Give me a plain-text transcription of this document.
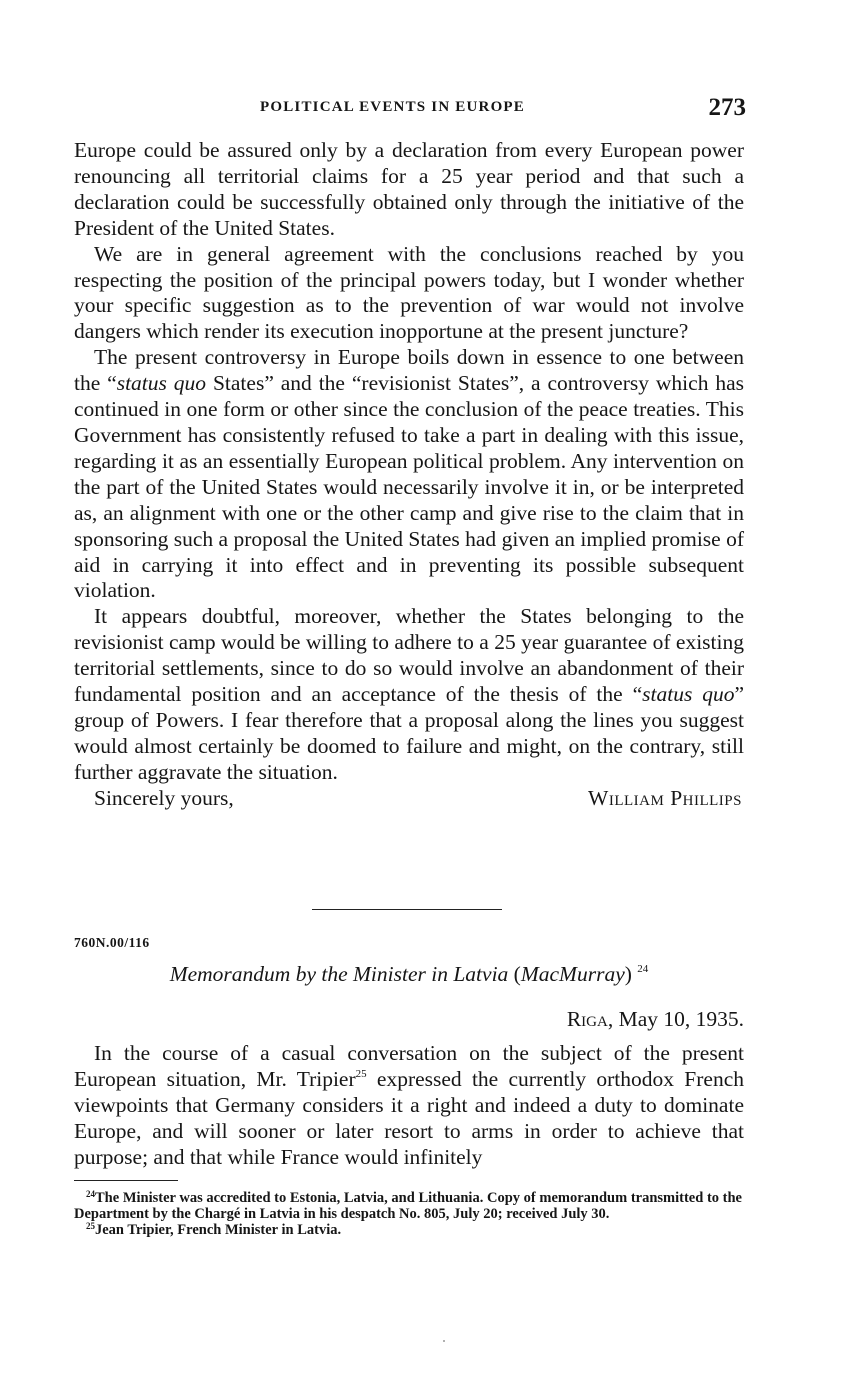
POLITICAL EVENTS IN EUROPE	273

Europe could be assured only by a declaration from every European power renouncing all territorial claims for a 25 year period and that such a declaration could be successfully obtained only through the initiative of the President of the United States.

We are in general agreement with the conclusions reached by you respecting the position of the principal powers today, but I wonder whether your specific suggestion as to the prevention of war would not involve dangers which render its execution inopportune at the present juncture?

The present controversy in Europe boils down in essence to one between the “status quo States” and the “revisionist States”, a controversy which has continued in one form or other since the conclusion of the peace treaties. This Government has consistently refused to take a part in dealing with this issue, regarding it as an essentially European political problem. Any intervention on the part of the United States would necessarily involve it in, or be interpreted as, an alignment with one or the other camp and give rise to the claim that in sponsoring such a proposal the United States had given an implied promise of aid in carrying it into effect and in preventing its possible subsequent violation.

It appears doubtful, moreover, whether the States belonging to the revisionist camp would be willing to adhere to a 25 year guarantee of existing territorial settlements, since to do so would involve an abandonment of their fundamental position and an acceptance of the thesis of the “status quo” group of Powers. I fear therefore that a proposal along the lines you suggest would almost certainly be doomed to failure and might, on the contrary, still further aggravate the situation.

Sincerely yours,	William Phillips
760N.00/116
Memorandum by the Minister in Latvia (MacMurray) $^{24}$
Riga, May 10, 1935.

In the course of a casual conversation on the subject of the present European situation, Mr. Tripier$^{25}$ expressed the currently orthodox French viewpoints that Germany considers it a right and indeed a duty to dominate Europe, and will sooner or later resort to arms in order to achieve that purpose; and that while France would infinitely

$^{24}$The Minister was accredited to Estonia, Latvia, and Lithuania. Copy of memorandum transmitted to the Department by the Chargé in Latvia in his despatch No. 805, July 20; received July 30.

$^{25}$Jean Tripier, French Minister in Latvia.
